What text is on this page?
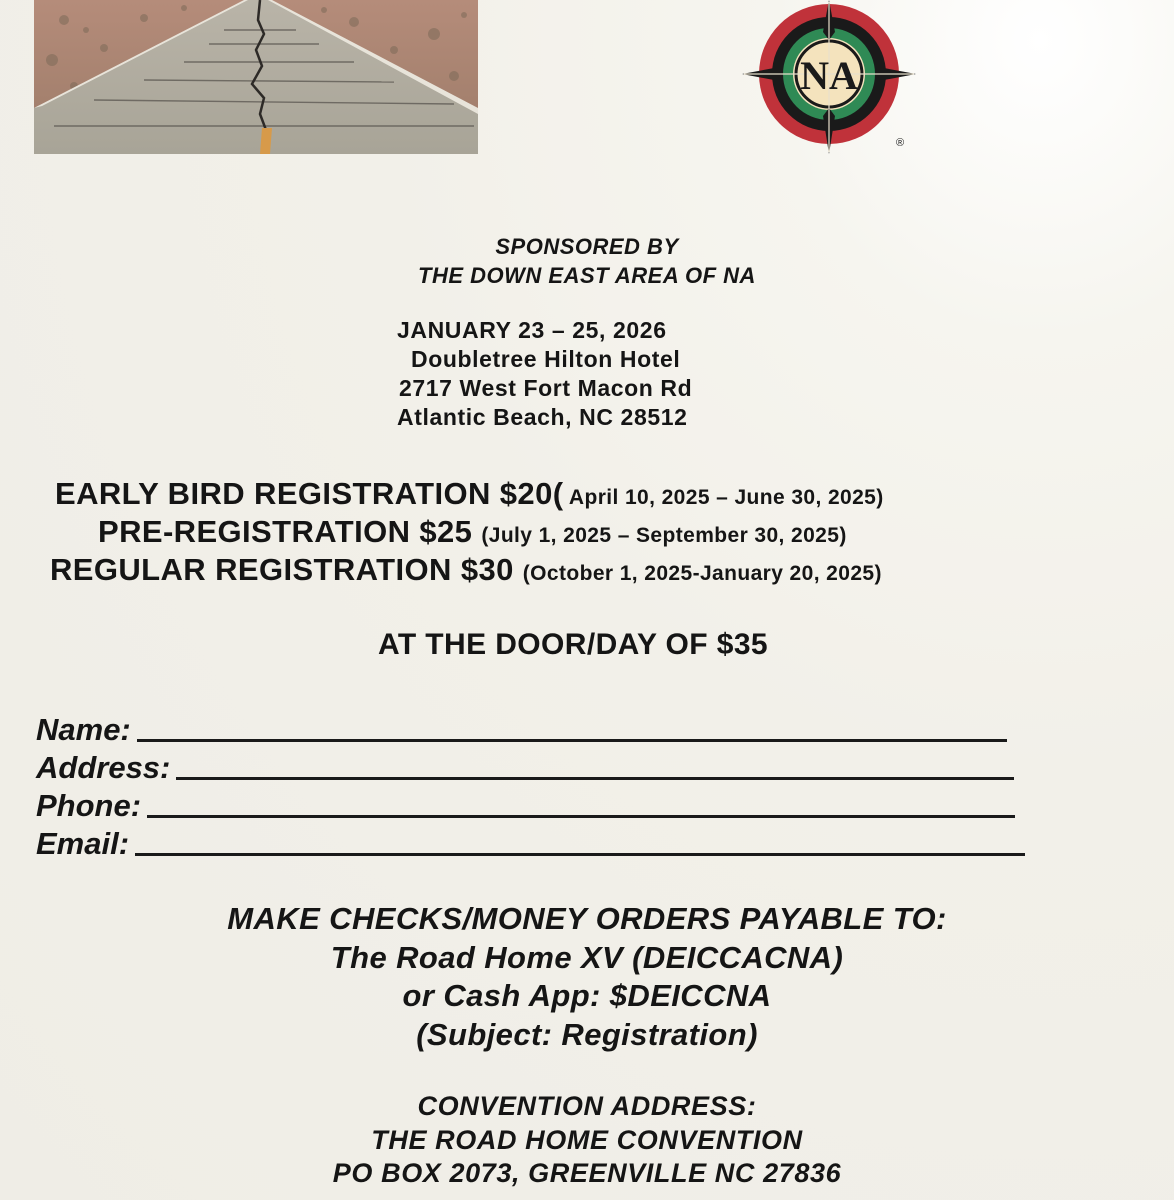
NA
®
SPONSORED BY
THE DOWN EAST AREA OF NA
JANUARY 23 – 25, 2026
Doubletree Hilton Hotel
2717 West Fort Macon Rd
Atlantic Beach, NC 28512
EARLY BIRD REGISTRATION $20( April 10, 2025 – June 30, 2025)
PRE-REGISTRATION $25 (July 1, 2025 – September 30, 2025)
REGULAR REGISTRATION $30 (October 1, 2025-January 20, 2025)
AT THE DOOR/DAY OF $35
Name:
Address:
Phone:
Email:
MAKE CHECKS/MONEY ORDERS PAYABLE TO:
The Road Home XV (DEICCACNA)
or Cash App: $DEICCNA
(Subject: Registration)
CONVENTION ADDRESS:
THE ROAD HOME CONVENTION
PO BOX 2073, GREENVILLE NC 27836
